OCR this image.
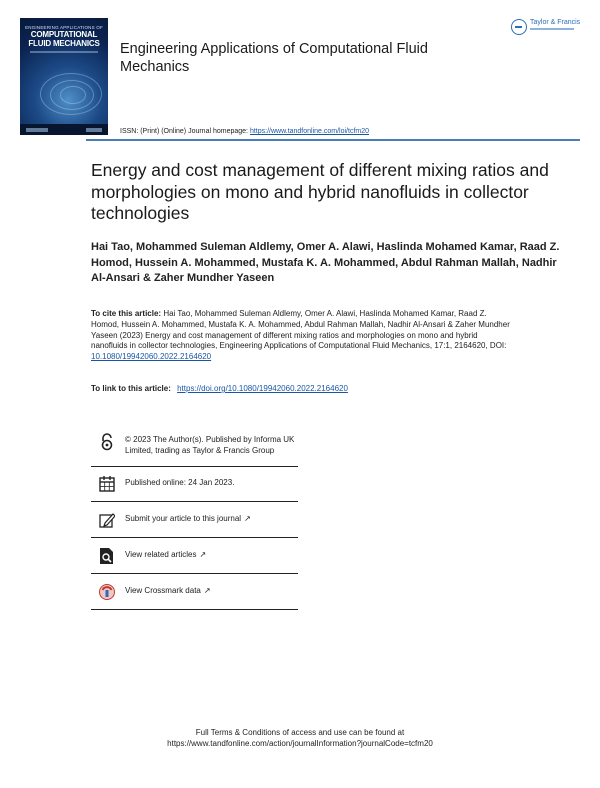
ENGINEERING APPLICATIONS OF
COMPUTATIONAL
FLUID MECHANICS	Engineering Applications of Computational Fluid Mechanics
Taylor & Francis
ISSN: (Print) (Online) Journal homepage: https://www.tandfonline.com/loi/tcfm20
Energy and cost management of different mixing ratios and morphologies on mono and hybrid nanofluids in collector technologies
Hai Tao, Mohammed Suleman Aldlemy, Omer A. Alawi, Haslinda Mohamed Kamar, Raad Z. Homod, Hussein A. Mohammed, Mustafa K. A. Mohammed, Abdul Rahman Mallah, Nadhir Al-Ansari & Zaher Mundher Yaseen
To cite this article: Hai Tao, Mohammed Suleman Aldlemy, Omer A. Alawi, Haslinda Mohamed Kamar, Raad Z. Homod, Hussein A. Mohammed, Mustafa K. A. Mohammed, Abdul Rahman Mallah, Nadhir Al-Ansari & Zaher Mundher Yaseen (2023) Energy and cost management of different mixing ratios and morphologies on mono and hybrid nanofluids in collector technologies, Engineering Applications of Computational Fluid Mechanics, 17:1, 2164620, DOI: 10.1080/19942060.2022.2164620
To link to this article: https://doi.org/10.1080/19942060.2022.2164620
© 2023 The Author(s). Published by Informa UK Limited, trading as Taylor & Francis Group
Published online: 24 Jan 2023.
Submit your article to this journal ↗
View related articles ↗
View Crossmark data ↗
Full Terms & Conditions of access and use can be found at
https://www.tandfonline.com/action/journalInformation?journalCode=tcfm20
